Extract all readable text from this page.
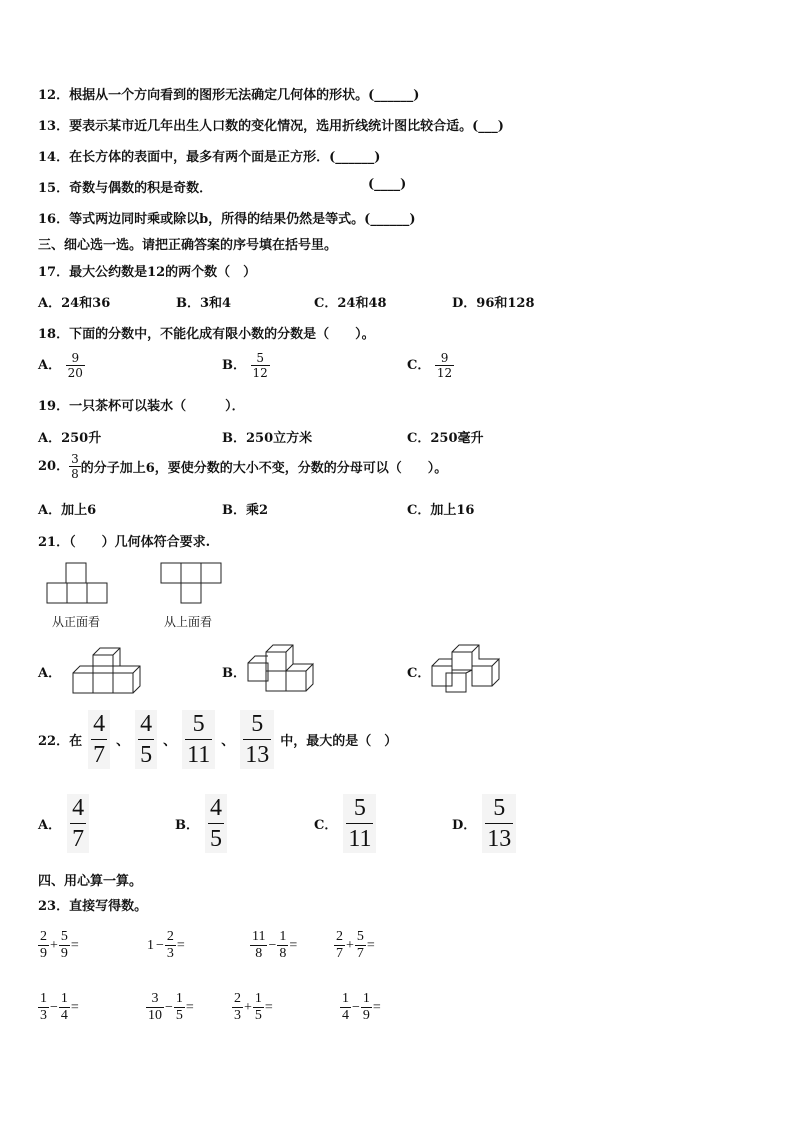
12．根据从一个方向看到的图形无法确定几何体的形状。(______)
13．要表示某市近几年出生人口数的变化情况，选用折线统计图比较合适。(___)
14．在长方体的表面中，最多有两个面是正方形．(______)
15．奇数与偶数的积是奇数．	(____)
16．等式两边同时乘或除以b，所得的结果仍然是等式。(______)
三、细心选一选。请把正确答案的序号填在括号里。
17．最大公约数是12的两个数（　）
A．24和36	B．3和4	C．24和48	D．96和128
18．下面的分数中，不能化成有限小数的分数是（　　）。
A． $\frac{9}{20}$	B． $\frac{5}{12}$	C． $\frac{9}{12}$
19．一只茶杯可以装水（　　　）．
A．250升	B．250立方米	C．250毫升
20． $\frac{3}{8}$ 的分子加上6，要使分数的大小不变，分数的分母可以（　　）。
A．加上6	B．乘2	C．加上16
21．（　　）几何体符合要求.
从正面看	从上面看
A．	B．	C．
22．在 $\frac{4}{7}$ 、 $\frac{4}{5}$ 、 $\frac{5}{11}$ 、 $\frac{5}{13}$ 中，最大的是（　）
A． $\frac{4}{7}$	B． $\frac{4}{5}$	C． $\frac{5}{11}$	D． $\frac{5}{13}$
四、用心算一算。
23．直接写得数。
$\frac{2}{9} + \frac{5}{9}$ =	$1 - \frac{2}{3}$ =	$\frac{11}{8} - \frac{1}{8}$ =	$\frac{2}{7} + \frac{5}{7}$ =
$\frac{1}{3} - \frac{1}{4}$ =	$\frac{3}{10} - \frac{1}{5}$ =	$\frac{2}{3} + \frac{1}{5}$ =	$\frac{1}{4} - \frac{1}{9}$ =
